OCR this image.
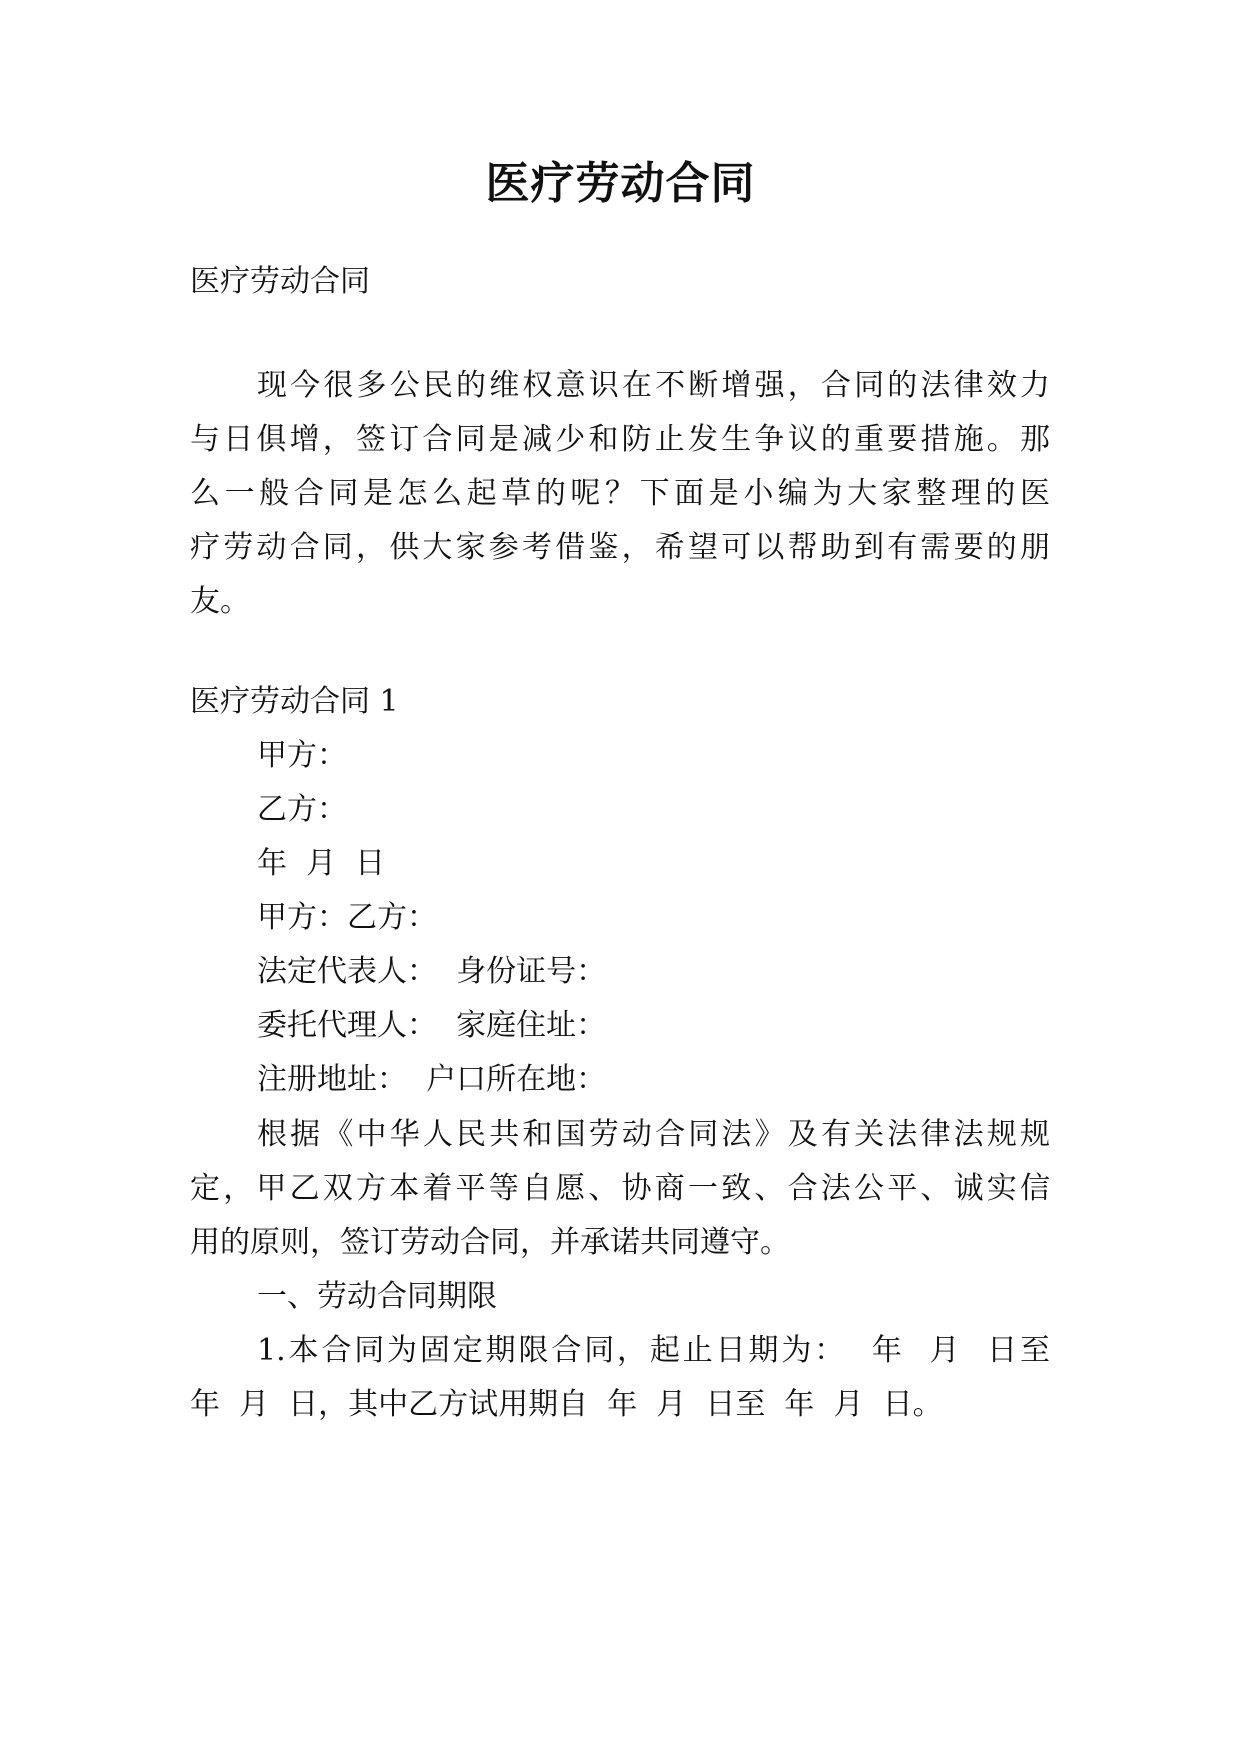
医疗劳动合同
医疗劳动合同
现今很多公民的维权意识在不断增强，合同的法律效力
与日俱增，签订合同是减少和防止发生争议的重要措施。那
么一般合同是怎么起草的呢？下面是小编为大家整理的医
疗劳动合同，供大家参考借鉴，希望可以帮助到有需要的朋
友。
医疗劳动合同 1
甲方：
乙方：
年  月  日
甲方：乙方：
法定代表人：  身份证号：
委托代理人：  家庭住址：
注册地址：  户口所在地：
根据《中华人民共和国劳动合同法》及有关法律法规规
定，甲乙双方本着平等自愿、协商一致、合法公平、诚实信
用的原则，签订劳动合同，并承诺共同遵守。
一、劳动合同期限
1.本合同为固定期限合同，起止日期为：  年  月  日至
年  月  日，其中乙方试用期自  年  月  日至  年  月  日。
